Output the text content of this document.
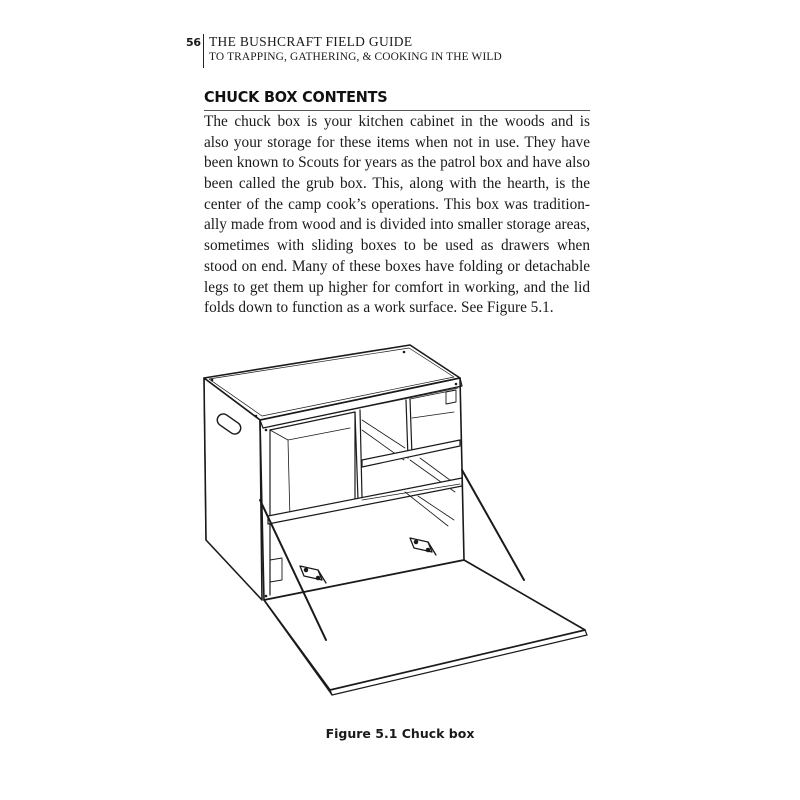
56 THE BUSHCRAFT FIELD GUIDE
TO TRAPPING, GATHERING, & COOKING IN THE WILD
CHUCK BOX CONTENTS
The chuck box is your kitchen cabinet in the woods and is
also your storage for these items when not in use. They have
been known to Scouts for years as the patrol box and have also
been called the grub box. This, along with the hearth, is the
center of the camp cook’s operations. This box was tradition-
ally made from wood and is divided into smaller storage areas,
sometimes with sliding boxes to be used as drawers when
stood on end. Many of these boxes have folding or detachable
legs to get them up higher for comfort in working, and the lid
folds down to function as a work surface. See Figure 5.1.
Figure 5.1 Chuck box
